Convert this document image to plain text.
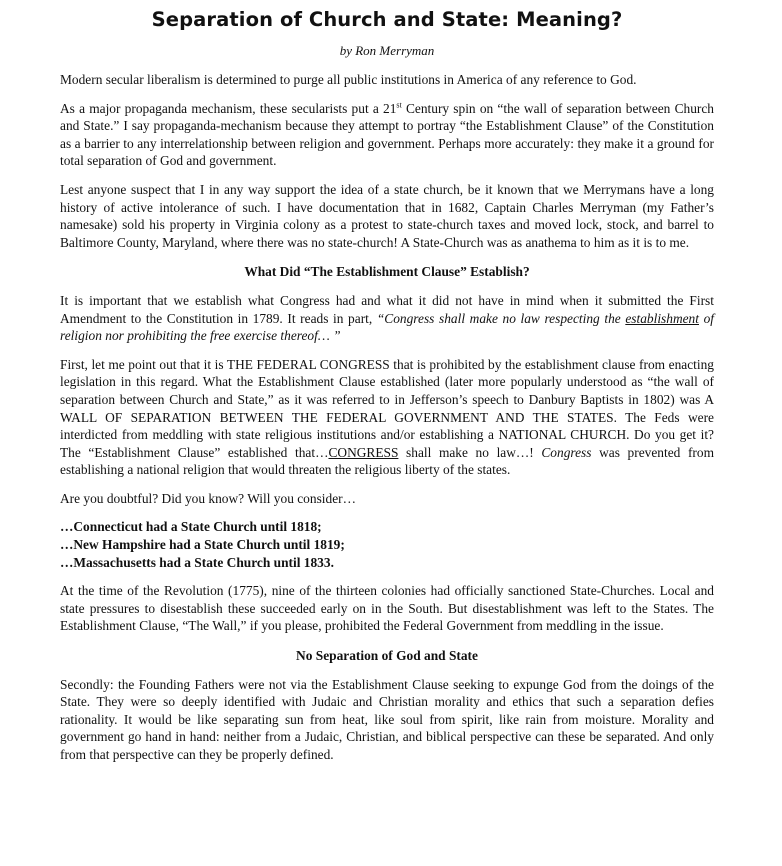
Separation of Church and State: Meaning?
by Ron Merryman

Modern secular liberalism is determined to purge all public institutions in America of any reference to God.

As a major propaganda mechanism, these secularists put a 21st Century spin on “the wall of separation between Church and State.” I say propaganda-mechanism because they attempt to portray “the Establishment Clause” of the Constitution as a barrier to any interrelationship between religion and government. Perhaps more accurately: they make it a ground for total separation of God and government.

Lest anyone suspect that I in any way support the idea of a state church, be it known that we Merrymans have a long history of active intolerance of such. I have documentation that in 1682, Captain Charles Merryman (my Father’s namesake) sold his property in Virginia colony as a protest to state-church taxes and moved lock, stock, and barrel to Baltimore County, Maryland, where there was no state-church! A State-Church was as anathema to him as it is to me.

What Did “The Establishment Clause” Establish?

It is important that we establish what Congress had and what it did not have in mind when it submitted the First Amendment to the Constitution in 1789. It reads in part, “Congress shall make no law respecting the establishment of religion nor prohibiting the free exercise thereof… ”

First, let me point out that it is THE FEDERAL CONGRESS that is prohibited by the establishment clause from enacting legislation in this regard. What the Establishment Clause established (later more popularly understood as “the wall of separation between Church and State,” as it was referred to in Jefferson’s speech to Danbury Baptists in 1802) was A WALL OF SEPARATION BETWEEN THE FEDERAL GOVERNMENT AND THE STATES. The Feds were interdicted from meddling with state religious institutions and/or establishing a NATIONAL CHURCH. Do you get it? The “Establishment Clause” established that…CONGRESS shall make no law…! Congress was prevented from establishing a national religion that would threaten the religious liberty of the states.

Are you doubtful? Did you know? Will you consider…

…Connecticut had a State Church until 1818;
…New Hampshire had a State Church until 1819;
…Massachusetts had a State Church until 1833.

At the time of the Revolution (1775), nine of the thirteen colonies had officially sanctioned State-Churches. Local and state pressures to disestablish these succeeded early on in the South. But disestablishment was left to the States. The Establishment Clause, “The Wall,” if you please, prohibited the Federal Government from meddling in the issue.

No Separation of God and State

Secondly: the Founding Fathers were not via the Establishment Clause seeking to expunge God from the doings of the State. They were so deeply identified with Judaic and Christian morality and ethics that such a separation defies rationality. It would be like separating sun from heat, like soul from spirit, like rain from moisture. Morality and government go hand in hand: neither from a Judaic, Christian, and biblical perspective can these be separated. And only from that perspective can they be properly defined.
